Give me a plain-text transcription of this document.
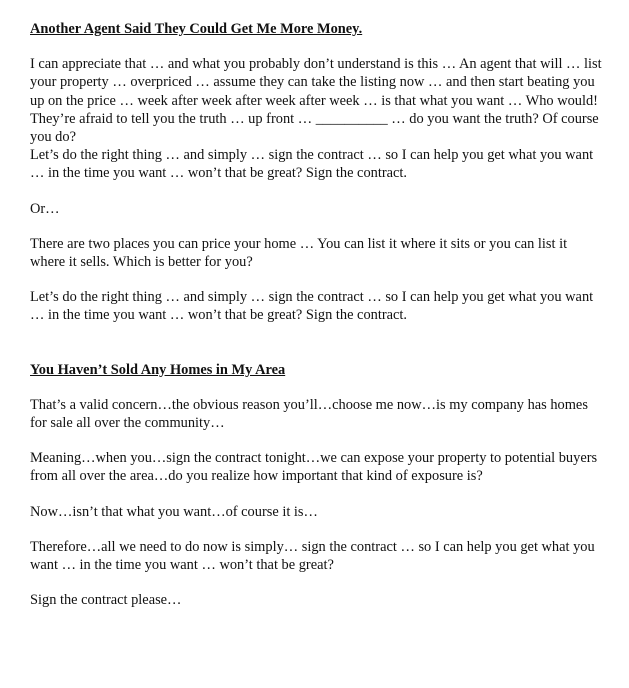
Another Agent Said They Could Get Me More Money.

I can appreciate that … and what you probably don’t understand is this … An agent that will … list your property … overpriced … assume they can take the listing now … and then start beating you up on the price … week after week after week after week … is that what you want … Who would!

They’re afraid to tell you the truth … up front … __________ … do you want the truth? Of course you do?

Let’s do the right thing … and simply … sign the contract … so I can help you get what you want … in the time you want … won’t that be great? Sign the contract.

Or…

There are two places you can price your home … You can list it where it sits or you can list it where it sells. Which is better for you?

Let’s do the right thing … and simply … sign the contract … so I can help you get what you want … in the time you want … won’t that be great? Sign the contract.

You Haven’t Sold Any Homes in My Area

That’s a valid concern…the obvious reason you’ll…choose me now…is my company has homes for sale all over the community…

Meaning…when you…sign the contract tonight…we can expose your property to potential buyers from all over the area…do you realize how important that kind of exposure is?

Now…isn’t that what you want…of course it is…

Therefore…all we need to do now is simply… sign the contract … so I can help you get what you want … in the time you want … won’t that be great?

Sign the contract please…
